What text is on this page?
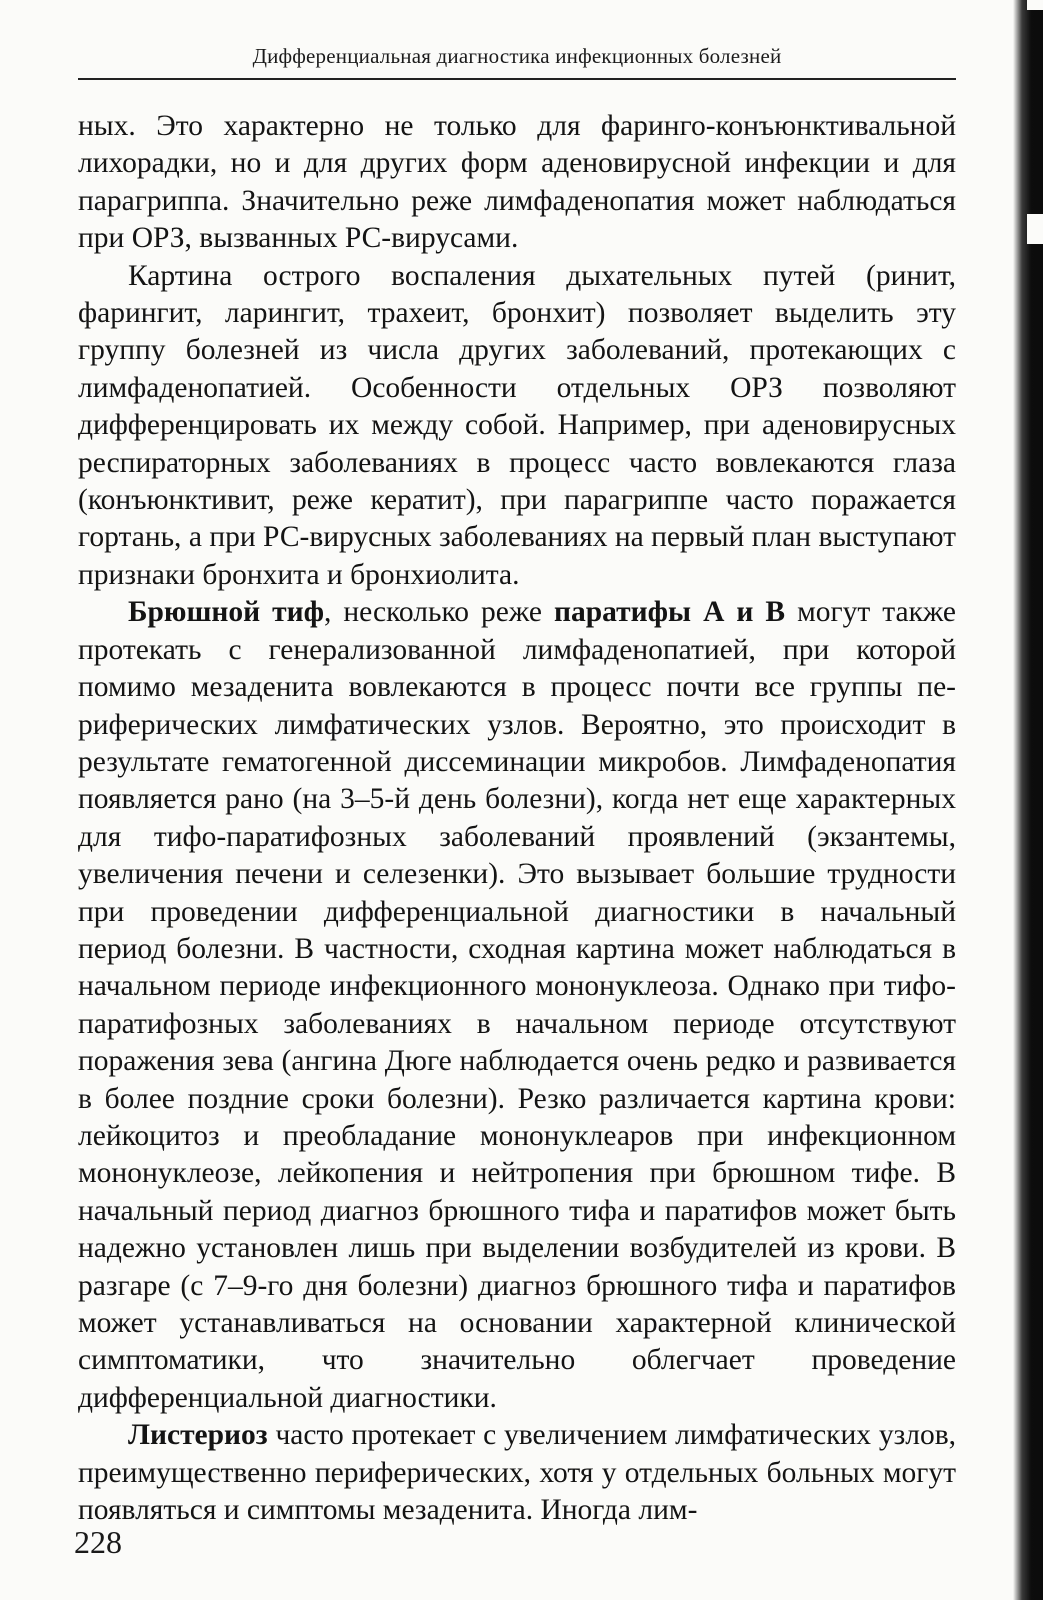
Дифференциальная диагностика инфекционных болезней

ных. Это характерно не только для фаринго-конъюнктивальной лихорадки, но и для других форм аденовирусной инфекции и для парагриппа. Значительно реже лимфаденопатия может наблюдаться при ОРЗ, вызванных РС-вирусами.

Картина острого воспаления дыхательных путей (ринит, фарингит, ларингит, трахеит, бронхит) позволяет выделить эту группу болезней из числа других заболеваний, протекающих с лимфаденопатией. Особенности отдельных ОРЗ позволяют дифференцировать их между собой. Например, при аденовирусных респираторных заболеваниях в процесс часто вовлекаются глаза (конъюнктивит, реже кератит), при парагриппе часто поражается гортань, а при РС-вирусных заболеваниях на первый план выступают признаки бронхита и бронхиолита.

Брюшной тиф, несколько реже паратифы А и В могут также протекать с генерализованной лимфаденопатией, при которой помимо мезаденита вовлекаются в процесс почти все группы периферических лимфатических узлов. Вероятно, это происходит в результате гематогенной диссеминации микробов. Лимфаденопатия появляется рано (на 3–5-й день болезни), когда нет еще характерных для тифо-паратифозных заболеваний проявлений (экзантемы, увеличения печени и селезенки). Это вызывает большие трудности при проведении дифференциальной диагностики в начальный период болезни. В частности, сходная картина может наблюдаться в начальном периоде инфекционного мононуклеоза. Однако при тифо-паратифозных заболеваниях в начальном периоде отсутствуют поражения зева (ангина Дюге наблюдается очень редко и развивается в более поздние сроки болезни). Резко различается картина крови: лейкоцитоз и преобладание мононуклеаров при инфекционном мононуклеозе, лейкопения и нейтропения при брюшном тифе. В начальный период диагноз брюшного тифа и паратифов может быть надежно установлен лишь при выделении возбудителей из крови. В разгаре (с 7–9-го дня болезни) диагноз брюшного тифа и паратифов может устанавливаться на основании характерной клинической симптоматики, что значительно облегчает проведение дифференциальной диагностики.

Листериоз часто протекает с увеличением лимфатических узлов, преимущественно периферических, хотя у отдельных больных могут появляться и симптомы мезаденита. Иногда лим-

228
